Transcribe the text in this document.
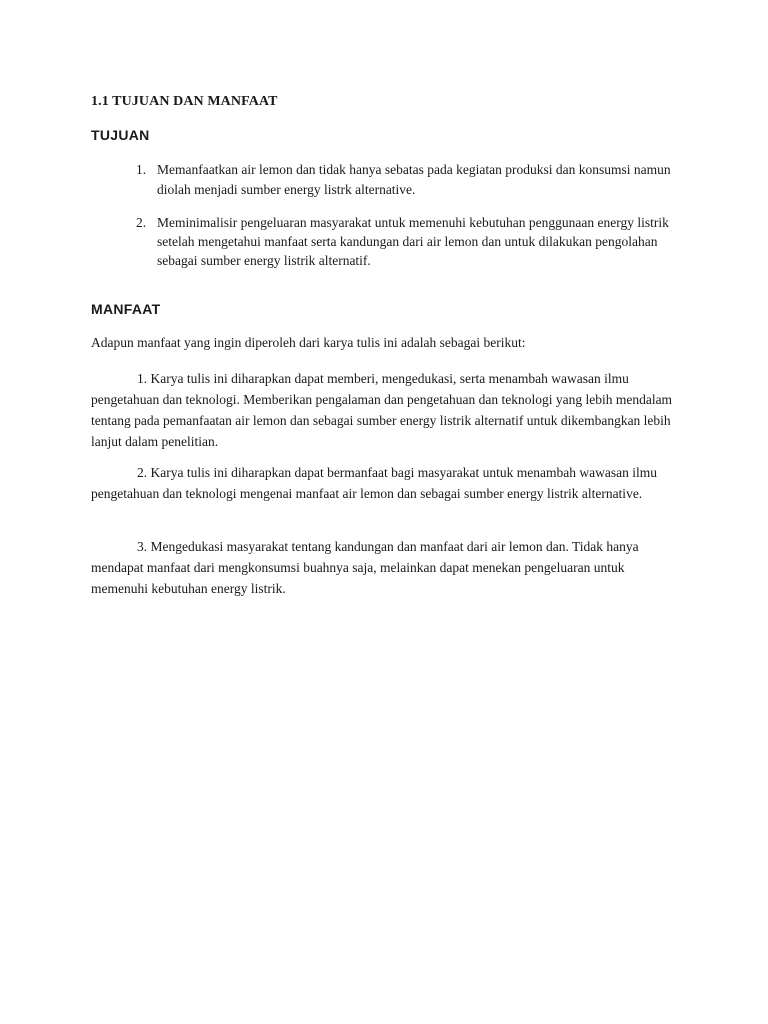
1.1 TUJUAN DAN MANFAAT
TUJUAN
1. Memanfaatkan air lemon dan tidak hanya sebatas pada kegiatan produksi dan konsumsi namun diolah menjadi sumber energy listrk alternative.
2. Meminimalisir pengeluaran masyarakat untuk memenuhi kebutuhan penggunaan energy listrik setelah mengetahui manfaat serta kandungan dari air lemon dan untuk dilakukan pengolahan sebagai sumber energy listrik alternatif.
MANFAAT
Adapun manfaat yang ingin diperoleh dari karya tulis ini adalah sebagai berikut:
1. Karya tulis ini diharapkan dapat memberi, mengedukasi, serta menambah wawasan ilmu pengetahuan dan teknologi. Memberikan pengalaman dan pengetahuan dan teknologi yang lebih mendalam tentang pada pemanfaatan air lemon dan sebagai sumber energy listrik alternatif untuk dikembangkan lebih lanjut dalam penelitian.
2. Karya tulis ini diharapkan dapat bermanfaat bagi masyarakat untuk menambah wawasan ilmu pengetahuan dan teknologi mengenai manfaat air lemon dan sebagai sumber energy listrik alternative.
3. Mengedukasi masyarakat tentang kandungan dan manfaat dari air lemon dan. Tidak hanya mendapat manfaat dari mengkonsumsi buahnya saja, melainkan dapat menekan pengeluaran untuk memenuhi kebutuhan energy listrik.
